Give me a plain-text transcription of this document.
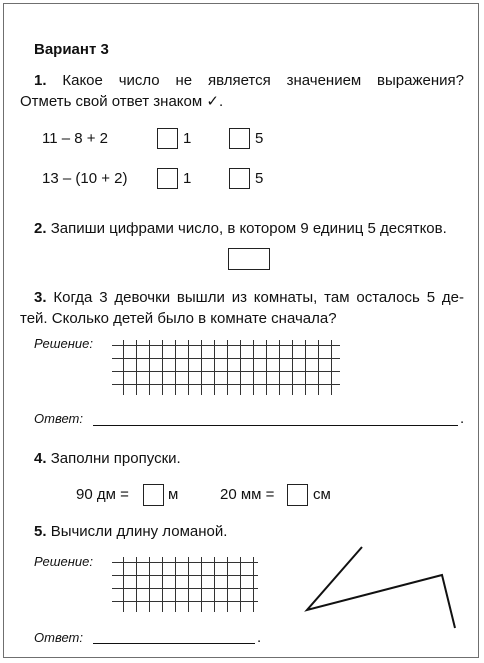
Вариант 3
1. Какое число не является значением выражения?
Отметь свой ответ знаком ✓.
11 – 8 + 2	1	5
13 – (10 + 2)	1	5
2. Запиши цифрами число, в котором 9 единиц 5 десятков.
3. Когда 3 девочки вышли из комнаты, там осталось 5 де-
тей. Сколько детей было в комнате сначала?
Решение:
Ответ:	.
4. Заполни пропуски.
90 дм =	м	20 мм =	см
5. Вычисли длину ломаной.
Решение:
Ответ:	.
